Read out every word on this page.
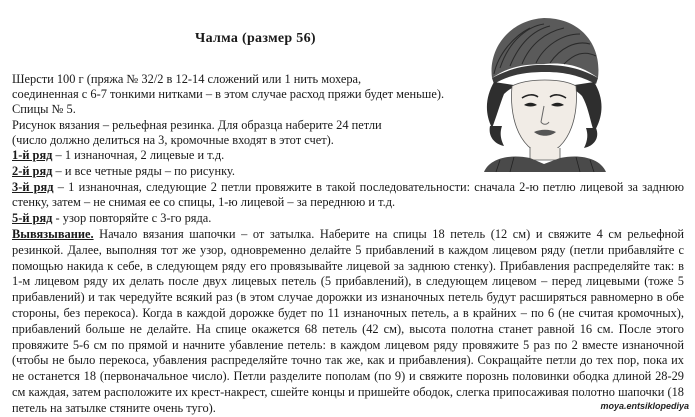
Чалма (размер 56)

Шерсти 100 г (пряжа № 32/2 в 12-14 сложений или 1 нить мохера,

соединенная с 6-7 тонкими нитками – в этом случае расход пряжи будет меньше).

Спицы № 5.

Рисунок вязания – рельефная резинка. Для образца наберите 24 петли

(число должно делиться на 3, кромочные входят в этот счет).

1-й ряд – 1 изнаночная, 2 лицевые и т.д.

2-й ряд – и все четные ряды – по рисунку.

3-й ряд – 1 изнаночная, следующие 2 петли провяжите в такой последовательности: сначала 2-ю петлю лицевой за заднюю стенку, затем – не снимая ее со спицы, 1-ю лицевой – за переднюю и т.д.

5-й ряд - узор повторяйте с 3-го ряда.

Вывязывание. Начало вязания шапочки – от затылка. Наберите на спицы 18 петель (12 см) и свяжите 4 см рельефной резинкой. Далее, выполняя тот же узор, одновременно делайте 5 прибавлений в каждом лицевом ряду (петли прибавляйте с помощью накида к себе, в следующем ряду его провязывайте лицевой за заднюю стенку). Прибавления распределяйте так: в 1-м лицевом ряду их делать после двух лицевых петель (5 прибавлений), в следующем лицевом – перед лицевыми (тоже 5 прибавлений) и так чередуйте всякий раз (в этом случае дорожки из изнаночных петель будут расширяться равномерно в обе стороны, без перекоса). Когда в каждой дорожке будет по 11 изнаночных петель, а в крайних – по 6 (не считая кромочных), прибавлений больше не делайте. На спице окажется 68 петель (42 см), высота полотна станет равной 16 см. После этого провяжите 5-6 см по прямой и начните убавление петель: в каждом лицевом ряду провяжите 5 раз по 2 вместе изнаночной (чтобы не было перекоса, убавления распределяйте точно так же, как и прибавления). Сокращайте петли до тех пор, пока их не останется 18 (первоначальное число). Петли разделите пополам (по 9) и свяжите порознь половинки ободка длиной 28-29 см каждая, затем расположите их крест-накрест, сшейте концы и пришейте ободок, слегка припосаживая полотно шапочки (18 петель на затылке стяните очень туго).	moya.entsiklopediya
